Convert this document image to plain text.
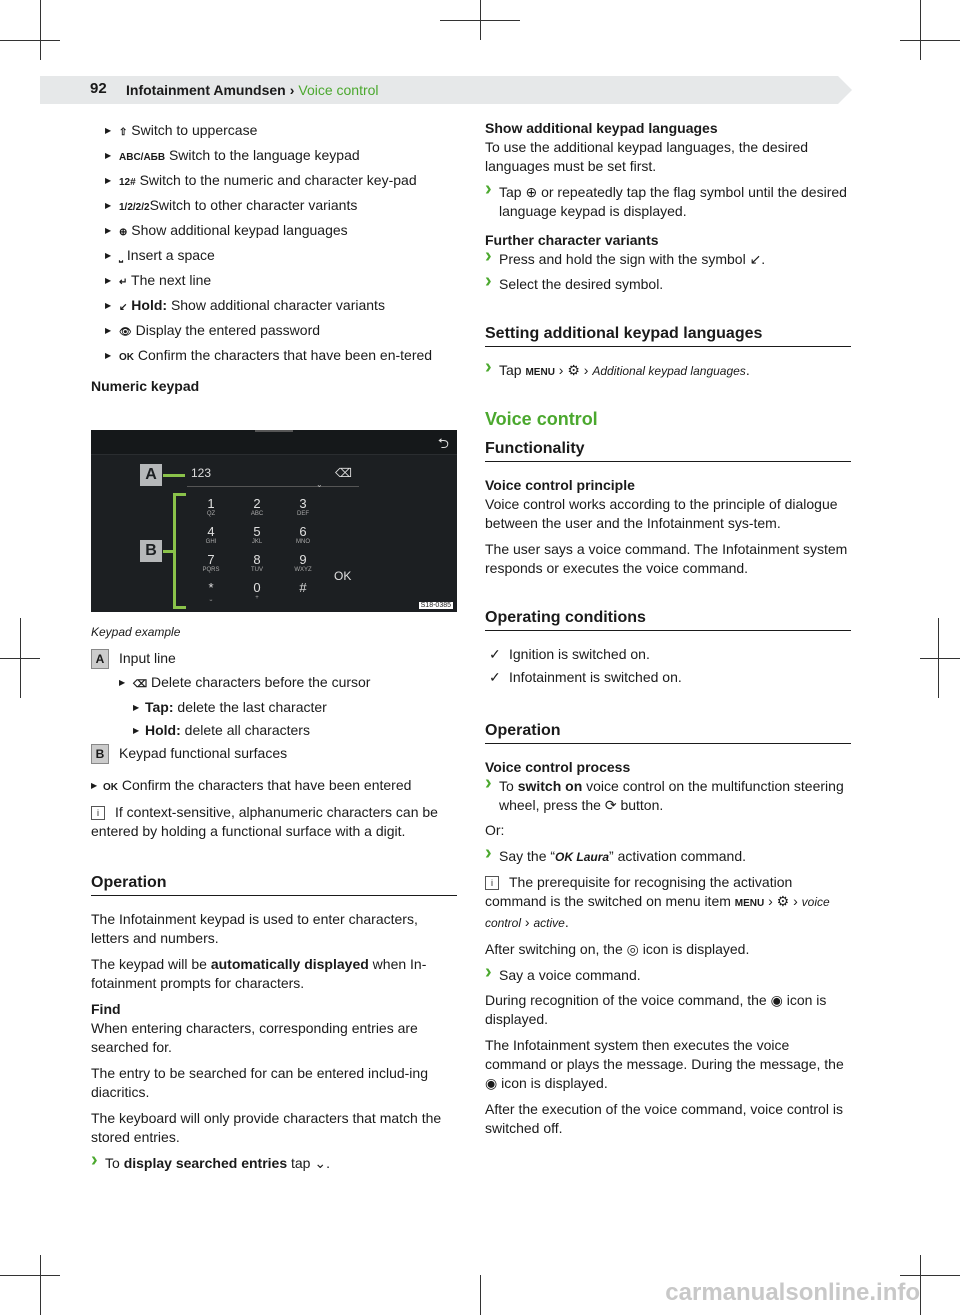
92 Infotainment Amundsen › Voice control
▶ ⇧ Switch to uppercase
▶ ABC/АБВ Switch to the language keypad
▶ 12# Switch to the numeric and character key-pad
▶ 1/2/2/2Switch to other character variants
▶ ⊕ Show additional keypad languages
▶ ⎵ Insert a space
▶ ↵ The next line
▶ ↙ Hold: Show additional character variants
▶ 👁 Display the entered password
▶ OK Confirm the characters that have been en-tered
Numeric keypad
⮌
123	⌫
⌄
A
B
1
QZ
2
ABC
3
DEF
4
GHI
5
JKL
6
MNO
7
PQRS
8
TUV
9
WXYZ
*
⎵
0
+
#
OK
S18-0385

Keypad example

A Input line
▶ ⌫ Delete characters before the cursor
▶ Tap: delete the last character
▶ Hold: delete all characters
B Keypad functional surfaces
▶ OK Confirm the characters that have been entered

i If context-sensitive, alphanumeric characters can be entered by holding a functional surface with a digit.

Operation

The Infotainment keypad is used to enter characters, letters and numbers.

The keypad will be automatically displayed when In-fotainment prompts for characters.

Find

When entering characters, corresponding entries are searched for.

The entry to be searched for can be entered includ-ing diacritics.

The keyboard will only provide characters that match the stored entries.

› To display searched entries tap ⌄.
Show additional keypad languages

To use the additional keypad languages, the desired languages must be set first.

› Tap ⊕ or repeatedly tap the flag symbol until the desired language keypad is displayed.
Further character variants
› Press and hold the sign with the symbol ↙.
› Select the desired symbol.
Setting additional keypad languages
› Tap MENU › ⚙ › Additional keypad languages.
Voice control
Functionality
Voice control principle

Voice control works according to the principle of dialogue between the user and the Infotainment sys-tem.

The user says a voice command. The Infotainment system responds or executes the voice command.

Operating conditions
✓ Ignition is switched on.
✓ Infotainment is switched on.
Operation
Voice control process
› To switch on voice control on the multifunction steering wheel, press the ⟳ button.

Or:

› Say the “OK Laura” activation command.

i The prerequisite for recognising the activation command is the switched on menu item MENU › ⚙ › voice control › active.

After switching on, the ◎ icon is displayed.

› Say a voice command.

During recognition of the voice command, the ◉ icon is displayed.

The Infotainment system then executes the voice command or plays the message. During the message, the ◉ icon is displayed.

After the execution of the voice command, voice control is switched off.

carmanualsonline.info
